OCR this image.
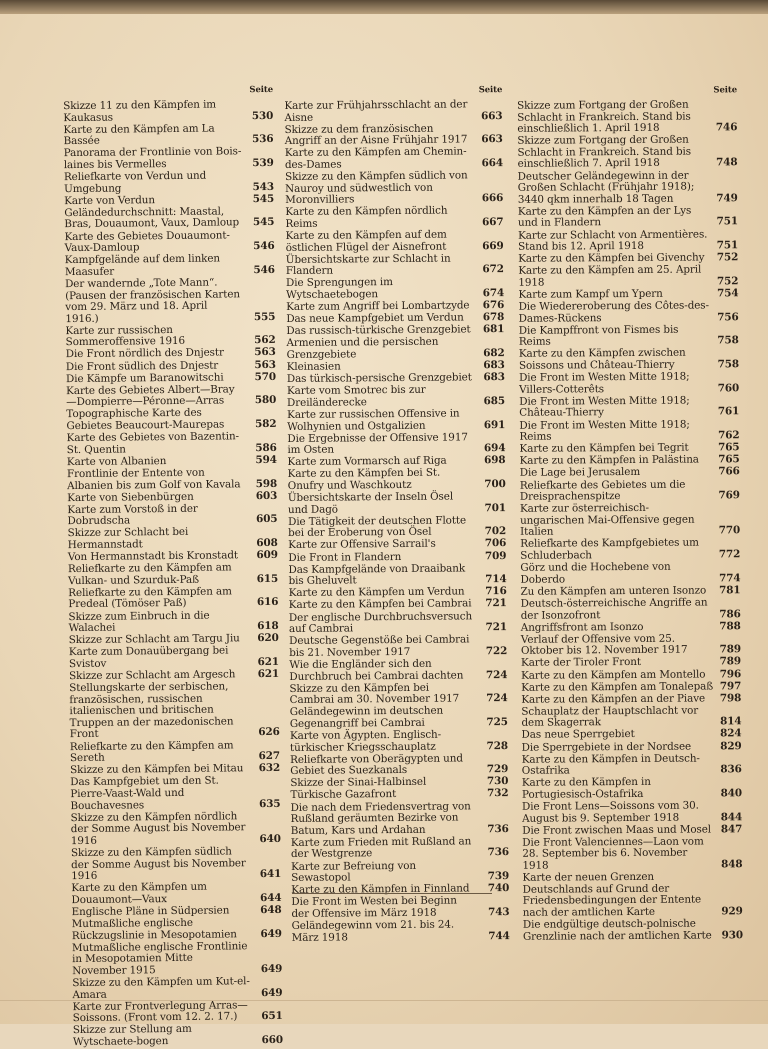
Seite
Skizze 11 zu den Kämpfen im Kaukasus	530
Karte zu den Kämpfen am La Bassée	536
Panorama der Frontlinie von Bois-laines bis Vermelles	539
Reliefkarte von Verdun und Umgebung	543
Karte von Verdun	545
Geländedurchschnitt: Maastal, Bras, Douaumont, Vaux, Damloup	545
Karte des Gebietes Douaumont-Vaux-Damloup	546
Kampfgelände auf dem linken Maasufer	546
Der wandernde „Tote Mann“. (Pausen der französischen Karten vom 29. März und 18. April 1916.)	555
Karte zur russischen Sommeroffensive 1916	562
Die Front nördlich des Dnjestr	563
Die Front südlich des Dnjestr	563
Die Kämpfe um Baranowitschi	570
Karte des Gebietes Albert—Bray—Dompierre—Péronne—Arras	580
Topographische Karte des Gebietes Beaucourt-Maurepas	582
Karte des Gebietes von Bazentin-St. Quentin	586
Karte von Albanien	594
Frontlinie der Entente von Albanien bis zum Golf von Kavala	598
Karte von Siebenbürgen	603
Karte zum Vorstoß in der Dobrudscha	605
Skizze zur Schlacht bei Hermannstadt	608
Von Hermannstadt bis Kronstadt	609
Reliefkarte zu den Kämpfen am Vulkan- und Szurduk-Paß	615
Reliefkarte zu den Kämpfen am Predeal (Tömöser Paß)	616
Skizze zum Einbruch in die Walachei	618
Skizze zur Schlacht am Targu Jiu	620
Karte zum Donauübergang bei Svistov	621
Skizze zur Schlacht am Argesch	621
Stellungskarte der serbischen, französischen, russischen italienischen und britischen Truppen an der mazedonischen Front	626
Reliefkarte zu den Kämpfen am Sereth	627
Skizze zu den Kämpfen bei Mitau	632
Das Kampfgebiet um den St. Pierre-Vaast-Wald und Bouchavesnes	635
Skizze zu den Kämpfen nördlich der Somme August bis November 1916	640
Skizze zu den Kämpfen südlich der Somme August bis November 1916	641
Karte zu den Kämpfen um Douaumont—Vaux	644
Englische Pläne in Südpersien	648
Mutmaßliche englische Rückzugslinie in Mesopotamien	649
Mutmaßliche englische Frontlinie in Mesopotamien Mitte November 1915	649
Skizze zu den Kämpfen um Kut-el-Amara	649
Karte zur Frontverlegung Arras—Soissons. (Front vom 12. 2. 17.)	651
Skizze zur Stellung am Wytschaete-bogen	660
Seite
Karte zur Frühjahrsschlacht an der Aisne	663
Skizze zu dem französischen Angriff an der Aisne Frühjahr 1917	663
Karte zu den Kämpfen am Chemin-des-Dames	664
Skizze zu den Kämpfen südlich von Nauroy und südwestlich von Moronvilliers	666
Karte zu den Kämpfen nördlich Reims	667
Karte zu den Kämpfen auf dem östlichen Flügel der Aisnefront	669
Übersichtskarte zur Schlacht in Flandern	672
Die Sprengungen im Wytschaetebogen	674
Karte zum Angriff bei Lombartzyde	676
Das neue Kampfgebiet um Verdun	678
Das russisch-türkische Grenzgebiet	681
Armenien und die persischen Grenzgebiete	682
Kleinasien	683
Das türkisch-persische Grenzgebiet	683
Karte vom Smotrec bis zur Dreiländerecke	685
Karte zur russischen Offensive in Wolhynien und Ostgalizien	691
Die Ergebnisse der Offensive 1917 im Osten	694
Karte zum Vormarsch auf Riga	698
Karte zu den Kämpfen bei St. Onufry und Waschkoutz	700
Übersichtskarte der Inseln Ösel und Dagö	701
Die Tätigkeit der deutschen Flotte bei der Eroberung von Ösel	702
Karte zur Offensive Sarrail's	706
Die Front in Flandern	709
Das Kampfgelände von Draaibank bis Gheluvelt	714
Karte zu den Kämpfen um Verdun	716
Karte zu den Kämpfen bei Cambrai	721
Der englische Durchbruchsversuch auf Cambrai	721
Deutsche Gegenstöße bei Cambrai bis 21. November 1917	722
Wie die Engländer sich den Durchbruch bei Cambrai dachten	724
Skizze zu den Kämpfen bei Cambrai am 30. November 1917	724
Geländegewinn im deutschen Gegenangriff bei Cambrai	725
Karte von Ägypten. Englisch-türkischer Kriegsschauplatz	728
Reliefkarte von Oberägypten und Gebiet des Suezkanals	729
Skizze der Sinai-Halbinsel	730
Türkische Gazafront	732
Die nach dem Friedensvertrag von Rußland geräumten Bezirke von Batum, Kars und Ardahan	736
Karte zum Frieden mit Rußland an der Westgrenze	736
Karte zur Befreiung von Sewastopol	739
Karte zu den Kämpfen in Finnland	740
Die Front im Westen bei Beginn der Offensive im März 1918	743
Geländegewinn vom 21. bis 24. März 1918	744
Seite
Skizze zum Fortgang der Großen Schlacht in Frankreich. Stand bis einschließlich 1. April 1918	746
Skizze zum Fortgang der Großen Schlacht in Frankreich. Stand bis einschließlich 7. April 1918	748
Deutscher Geländegewinn in der Großen Schlacht (Frühjahr 1918); 3440 qkm innerhalb 18 Tagen	749
Karte zu den Kämpfen an der Lys und in Flandern	751
Karte zur Schlacht von Armentières. Stand bis 12. April 1918	751
Karte zu den Kämpfen bei Givenchy	752
Karte zu den Kämpfen am 25. April 1918	752
Karte zum Kampf um Ypern	754
Die Wiedereroberung des Côtes-des-Dames-Rückens	756
Die Kampffront von Fismes bis Reims	758
Karte zu den Kämpfen zwischen Soissons und Château-Thierry	758
Die Front im Westen Mitte 1918; Villers-Cotterêts	760
Die Front im Westen Mitte 1918; Château-Thierry	761
Die Front im Westen Mitte 1918; Reims	762
Karte zu den Kämpfen bei Tegrit	765
Karte zu den Kämpfen in Palästina	765
Die Lage bei Jerusalem	766
Reliefkarte des Gebietes um die Dreisprachenspitze	769
Karte zur österreichisch-ungarischen Mai-Offensive gegen Italien	770
Reliefkarte des Kampfgebietes um Schluderbach	772
Görz und die Hochebene von Doberdo	774
Zu den Kämpfen am unteren Isonzo	781
Deutsch-österreichische Angriffe an der Isonzofront	786
Angriffsfront am Isonzo	788
Verlauf der Offensive vom 25. Oktober bis 12. November 1917	789
Karte der Tiroler Front	789
Karte zu den Kämpfen am Montello	796
Karte zu den Kämpfen am Tonalepaß 797
Karte zu den Kämpfen an der Piave	798
Schauplatz der Hauptschlacht vor dem Skagerrak	814
Das neue Sperrgebiet	824
Die Sperrgebiete in der Nordsee	829
Karte zu den Kämpfen in Deutsch-Ostafrika	836
Karte zu den Kämpfen in Portugiesisch-Ostafrika	840
Die Front Lens—Soissons vom 30. August bis 9. September 1918	844
Die Front zwischen Maas und Mosel 847
Die Front Valenciennes—Laon vom 28. September bis 6. November 1918	848
Karte der neuen Grenzen Deutschlands auf Grund der Friedensbedingungen der Entente nach der amtlichen Karte	929
Die endgültige deutsch-polnische Grenzlinie nach der amtlichen Karte 930
